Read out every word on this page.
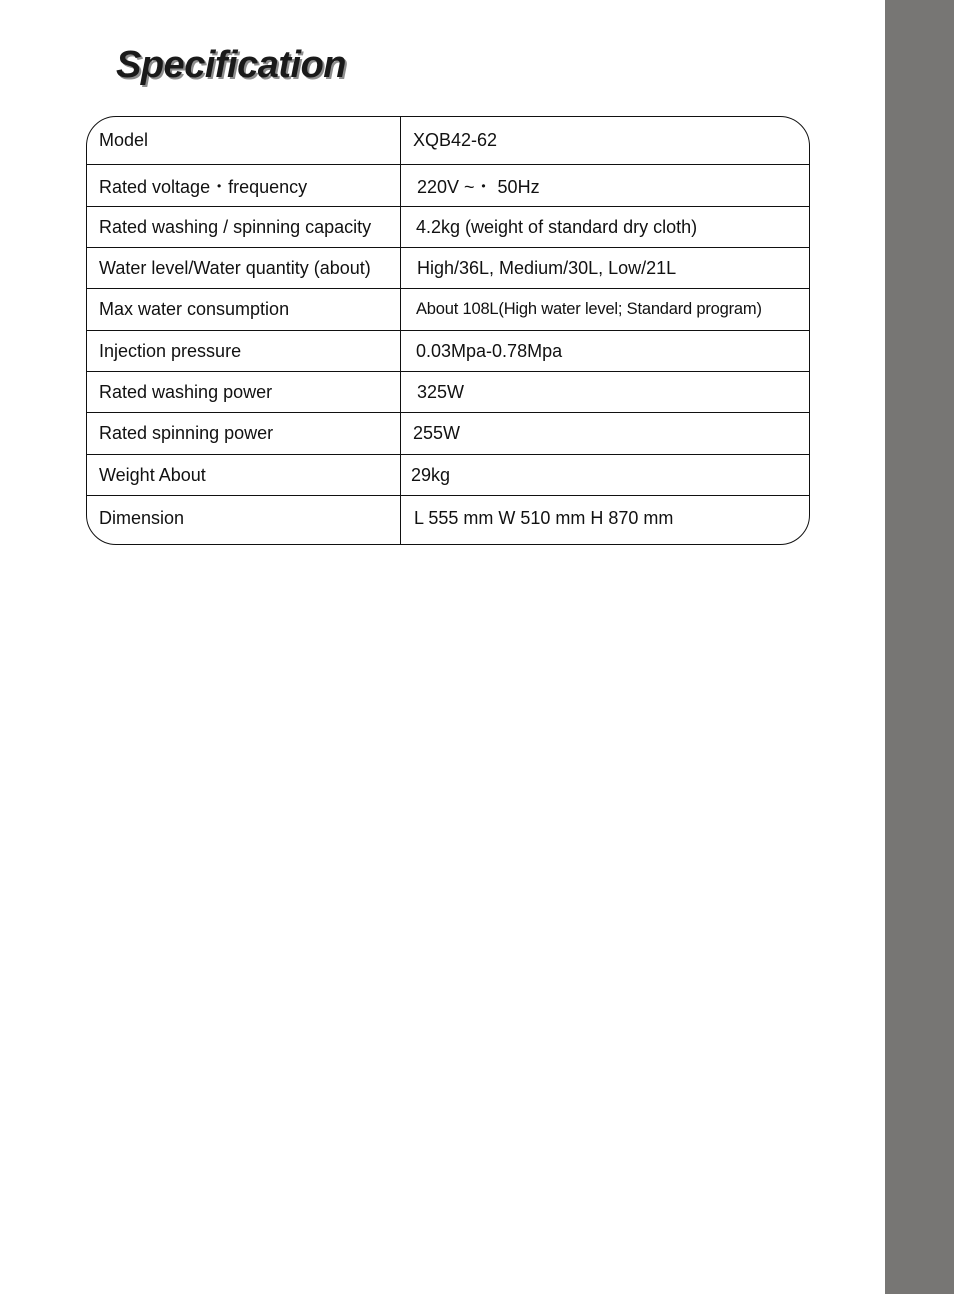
Specification
Model	XQB42-62
Rated voltage・frequency	220V ~・ 50Hz
Rated washing / spinning capacity 4.2kg (weight of standard dry cloth)
Water level/Water quantity (about)	High/36L, Medium/30L, Low/21L
Max water consumption	About 108L(High water level; Standard program)
Injection pressure	0.03Mpa-0.78Mpa
Rated washing power	325W
Rated spinning power	255W
Weight About	29kg
Dimension	L 555 mm W 510 mm H 870 mm
